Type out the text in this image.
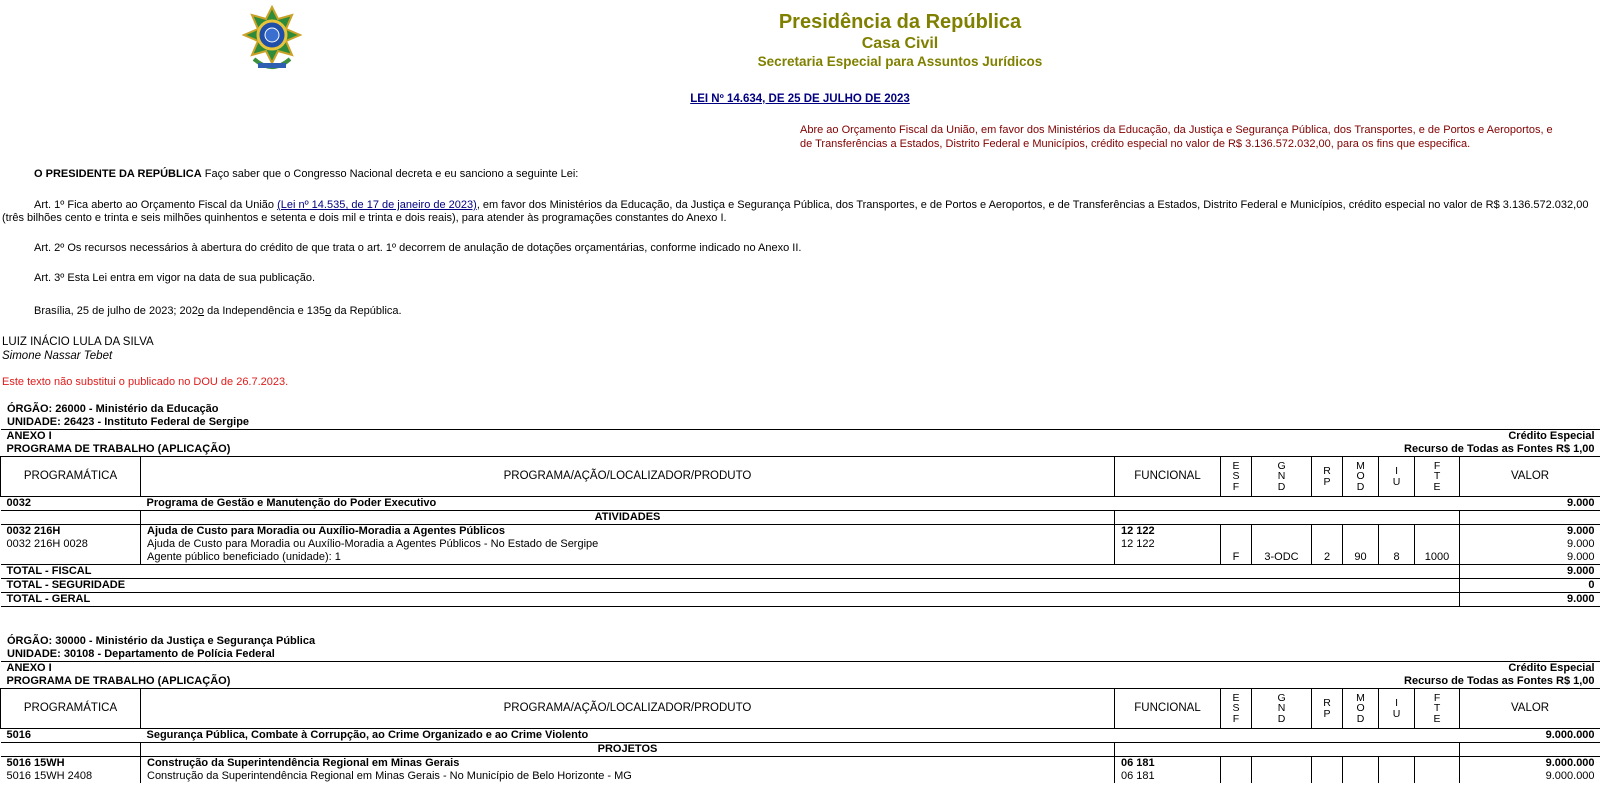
Presidência da República
Casa Civil
Secretaria Especial para Assuntos Jurídicos
LEI Nº 14.634, DE 25 DE JULHO DE 2023
Abre ao Orçamento Fiscal da União, em favor dos Ministérios da Educação, da Justiça e Segurança Pública, dos Transportes, e de Portos e Aeroportos, e
de Transferências a Estados, Distrito Federal e Municípios, crédito especial no valor de R$ 3.136.572.032,00, para os fins que especifica.
O PRESIDENTE DA REPÚBLICA Faço saber que o Congresso Nacional decreta e eu sanciono a seguinte Lei:
Art. 1º Fica aberto ao Orçamento Fiscal da União (Lei nº 14.535, de 17 de janeiro de 2023), em favor dos Ministérios da Educação, da Justiça e Segurança Pública, dos Transportes, e de Portos e Aeroportos, e de Transferências a Estados, Distrito Federal e Municípios, crédito especial no valor de R$ 3.136.572.032,00 (três bilhões cento e trinta e seis milhões quinhentos e setenta e dois mil e trinta e dois reais), para atender às programações constantes do Anexo I.
Art. 2º Os recursos necessários à abertura do crédito de que trata o art. 1º decorrem de anulação de dotações orçamentárias, conforme indicado no Anexo II.
Art. 3º Esta Lei entra em vigor na data de sua publicação.
Brasília, 25 de julho de 2023; 202o da Independência e 135o da República.
LUIZ INÁCIO LULA DA SILVA
Simone Nassar Tebet
Este texto não substitui o publicado no DOU de 26.7.2023.
ÓRGÃO: 26000 - Ministério da Educação
UNIDADE: 26423 - Instituto Federal de Sergipe
ANEXO I					Crédito Especial				
PROGRAMA DE TRABALHO (APLICAÇÃO)					Recurso de Todas as Fontes R$ 1,00				
PROGRAMÁTICA	PROGRAMA/AÇÃO/LOCALIZADOR/PRODUTO	FUNCIONAL	E
S
F	G
N
D	R
P	M
O
D	I
U	F
T
E	VALOR
0032	Programa de Gestão e Manutenção do Poder Executivo								9.000
	ATIVIDADES								
0032 216H	Ajuda de Custo para Moradia ou Auxílio-Moradia a Agentes Públicos	12 122							9.000
0032 216H 0028	Ajuda de Custo para Moradia ou Auxílio-Moradia a Agentes Públicos - No Estado de Sergipe	12 122							9.000
	Agente público beneficiado (unidade): 1		F	3-ODC	2	90	8	1000	9.000
TOTAL - FISCAL									9.000
TOTAL - SEGURIDADE									0
TOTAL - GERAL									9.000
ÓRGÃO: 30000 - Ministério da Justiça e Segurança Pública
UNIDADE: 30108 - Departamento de Polícia Federal
ANEXO I					Crédito Especial				
PROGRAMA DE TRABALHO (APLICAÇÃO)					Recurso de Todas as Fontes R$ 1,00				
PROGRAMÁTICA	PROGRAMA/AÇÃO/LOCALIZADOR/PRODUTO	FUNCIONAL	E
S
F	G
N
D	R
P	M
O
D	I
U	F
T
E	VALOR
5016	Segurança Pública, Combate à Corrupção, ao Crime Organizado e ao Crime Violento								9.000.000
	PROJETOS								
5016 15WH	Construção da Superintendência Regional em Minas Gerais	06 181							9.000.000
5016 15WH 2408	Construção da Superintendência Regional em Minas Gerais - No Município de Belo Horizonte - MG	06 181							9.000.000
